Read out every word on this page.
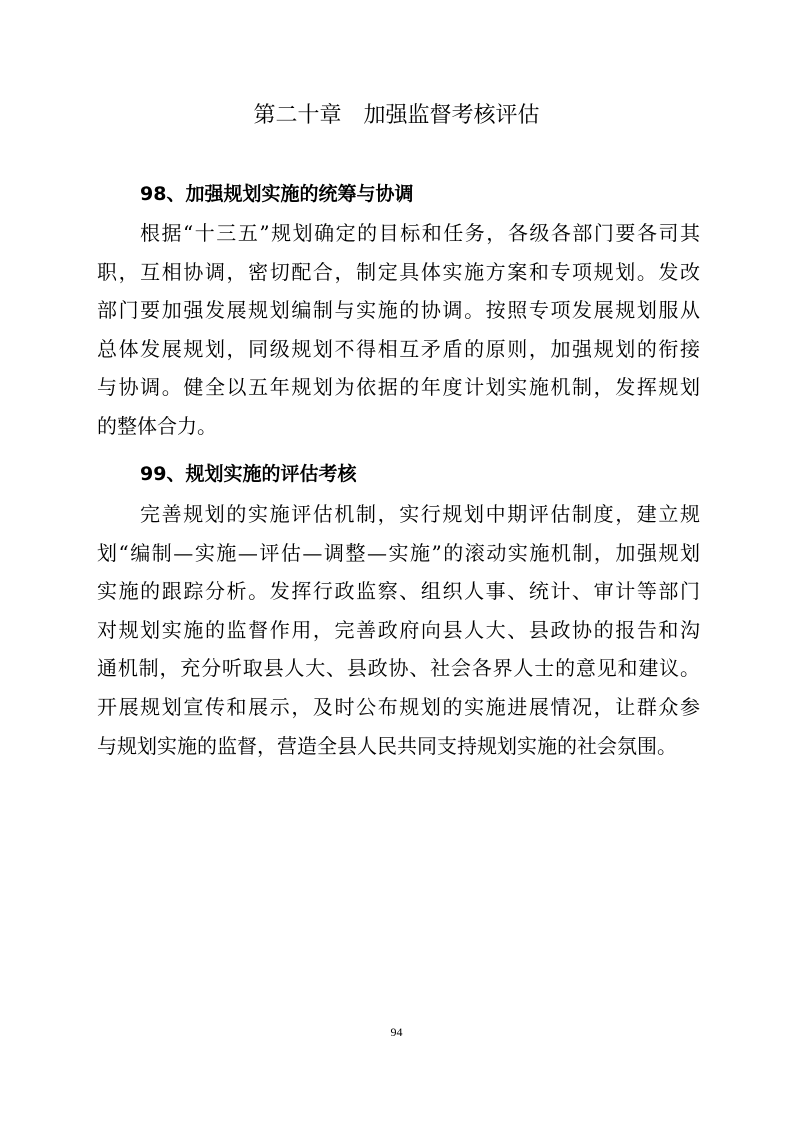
第二十章　加强监督考核评估
98、加强规划实施的统筹与协调
根据“十三五”规划确定的目标和任务，各级各部门要各司其
职，互相协调，密切配合，制定具体实施方案和专项规划。发改
部门要加强发展规划编制与实施的协调。按照专项发展规划服从
总体发展规划，同级规划不得相互矛盾的原则，加强规划的衔接
与协调。健全以五年规划为依据的年度计划实施机制，发挥规划
的整体合力。
99、规划实施的评估考核
完善规划的实施评估机制，实行规划中期评估制度，建立规
划“编制—实施—评估—调整—实施”的滚动实施机制，加强规划
实施的跟踪分析。发挥行政监察、组织人事、统计、审计等部门
对规划实施的监督作用，完善政府向县人大、县政协的报告和沟
通机制，充分听取县人大、县政协、社会各界人士的意见和建议。
开展规划宣传和展示，及时公布规划的实施进展情况，让群众参
与规划实施的监督，营造全县人民共同支持规划实施的社会氛围。
94
